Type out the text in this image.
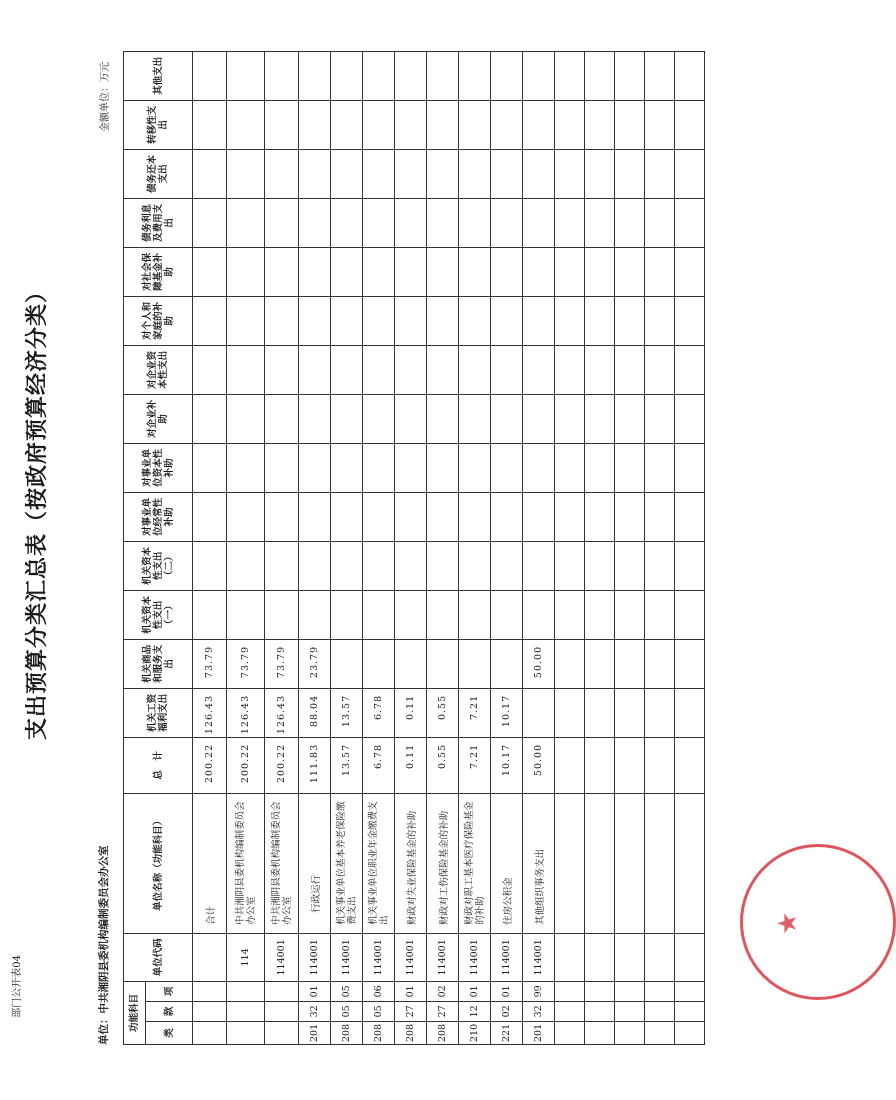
部门公开表04
支出预算分类汇总表（按政府预算经济分类）
单位：中共湘阴县委机构编制委员会办公室
金额单位：万元
功能科目			单位代码	单位名称（功能科目）	总　计	机关工资福利支出	机关商品和服务支出	机关资本性支出（一）	机关资本性支出（二）	对事业单位经常性补助	对事业单位资本性补助	对企业补助	对企业资本性支出	对个人和家庭的补助	对社会保障基金补助	债务利息及费用支出	债务还本支出	转移性支出	其他支出
类	款	项																	
				合计	200.22	126.43	73.79												
			114	中共湘阴县委机构编制委员会办公室	200.22	126.43	73.79												
			114001	中共湘阴县委机构编制委员会办公室	200.22	126.43	73.79												
201	32	01	114001	行政运行	111.83	88.04	23.79												
208	05	05	114001	机关事业单位基本养老保险缴费支出	13.57	13.57													
208	05	06	114001	机关事业单位职业年金缴费支出	6.78	6.78													
208	27	01	114001	财政对失业保险基金的补助	0.11	0.11													
208	27	02	114001	财政对工伤保险基金的补助	0.55	0.55													
210	12	01	114001	财政对职工基本医疗保险基金的补助	7.21	7.21													
221	02	01	114001	住房公积金	10.17	10.17													
201	32	99	114001	其他组织事务支出	50.00		50.00												

★
